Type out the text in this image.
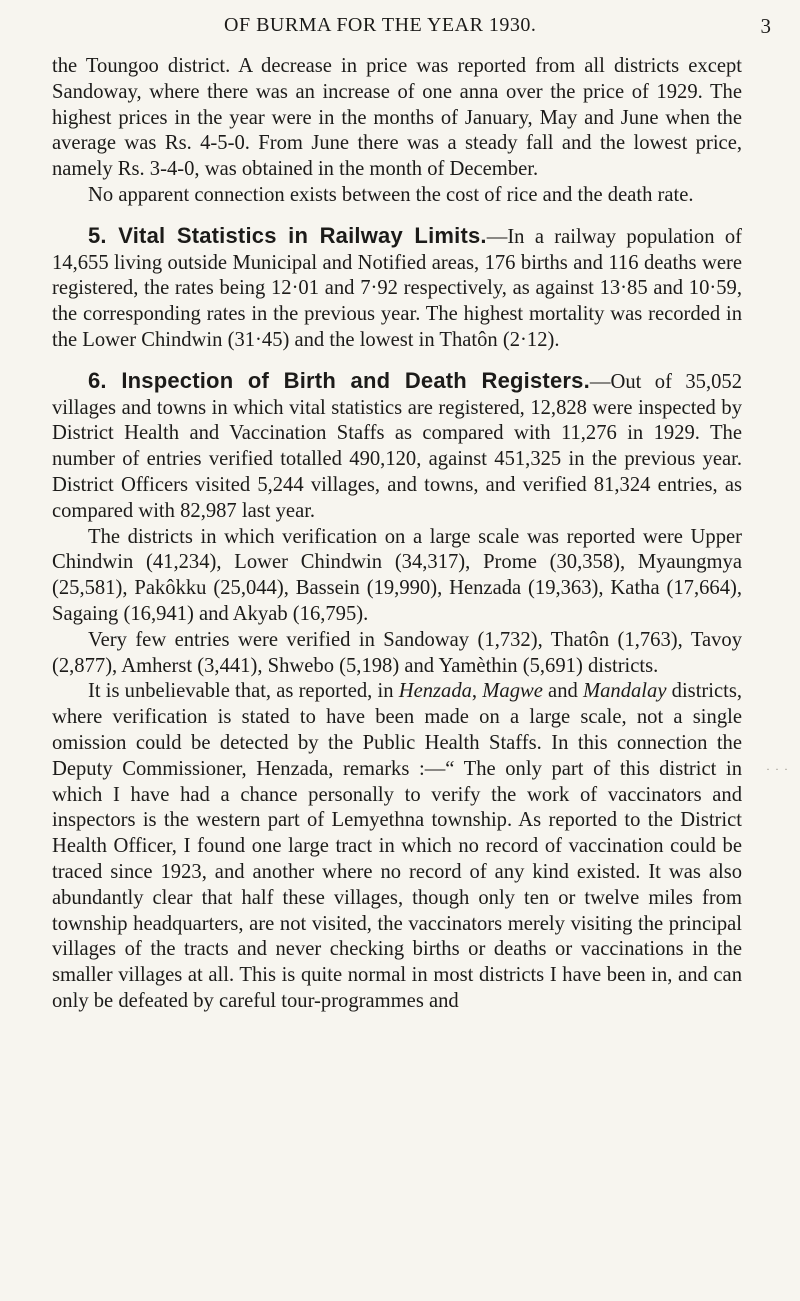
OF BURMA FOR THE YEAR 1930.	3

the Toungoo district. A decrease in price was reported from all districts except Sandoway, where there was an increase of one anna over the price of 1929. The highest prices in the year were in the months of January, May and June when the average was Rs. 4-5-0. From June there was a steady fall and the lowest price, namely Rs. 3-4-0, was obtained in the month of December.

No apparent connection exists between the cost of rice and the death rate.

5. Vital Statistics in Railway Limits.—In a railway population of 14,655 living outside Municipal and Notified areas, 176 births and 116 deaths were registered, the rates being 12·01 and 7·92 respectively, as against 13·85 and 10·59, the corresponding rates in the previous year. The highest mortality was recorded in the Lower Chindwin (31·45) and the lowest in Thatôn (2·12).

6. Inspection of Birth and Death Registers.—Out of 35,052 villages and towns in which vital statistics are registered, 12,828 were inspected by District Health and Vaccination Staffs as compared with 11,276 in 1929. The number of entries verified totalled 490,120, against 451,325 in the previous year. District Officers visited 5,244 villages, and towns, and verified 81,324 entries, as compared with 82,987 last year.

The districts in which verification on a large scale was reported were Upper Chindwin (41,234), Lower Chindwin (34,317), Prome (30,358), Myaungmya (25,581), Pakôkku (25,044), Bassein (19,990), Henzada (19,363), Katha (17,664), Sagaing (16,941) and Akyab (16,795).

Very few entries were verified in Sandoway (1,732), Thatôn (1,763), Tavoy (2,877), Amherst (3,441), Shwebo (5,198) and Yamèthin (5,691) districts.

It is unbelievable that, as reported, in Henzada, Magwe and Mandalay districts, where verification is stated to have been made on a large scale, not a single omission could be detected by the Public Health Staffs. In this connection the Deputy Commissioner, Henzada, remarks :—“ The only part of this district in which I have had a chance personally to verify the work of vaccinators and inspectors is the western part of Lemyethna township. As reported to the District Health Officer, I found one large tract in which no record of vaccination could be traced since 1923, and another where no record of any kind existed. It was also abundantly clear that half these villages, though only ten or twelve miles from township headquarters, are not visited, the vaccinators merely visiting the principal villages of the tracts and never checking births or deaths or vaccinations in the smaller villages at all. This is quite normal in most districts I have been in, and can only be defeated by careful tour-programmes and

· · ·
